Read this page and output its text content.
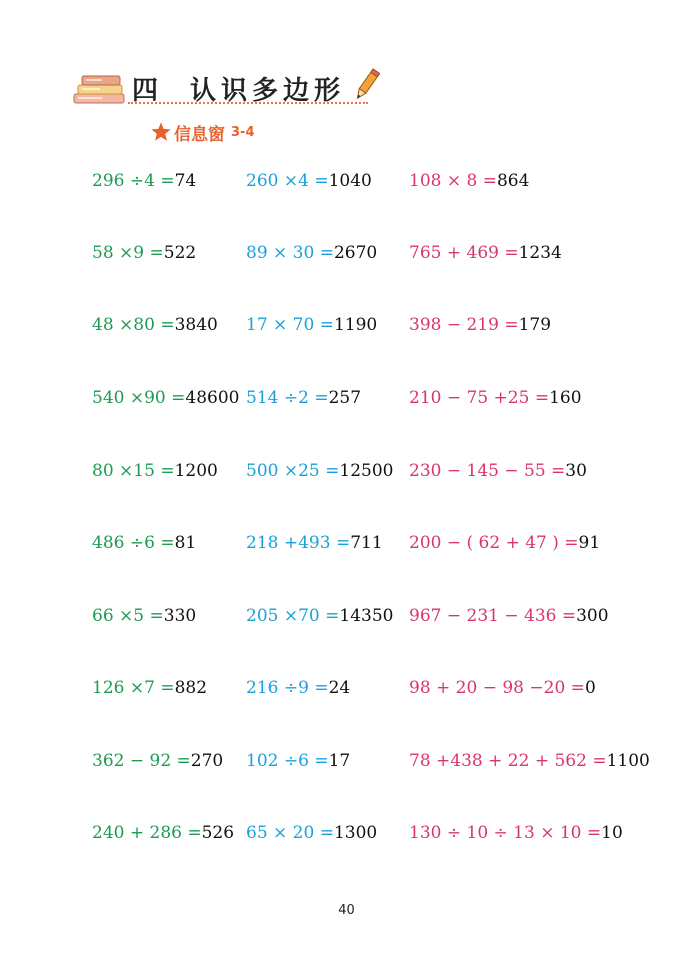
四 认识多边形
信息窗 3-4
296 ÷4 =74	260 ×4 =1040 108 × 8 =864
58 ×9 =522	89 × 30 =2670 765 + 469 =1234
48 ×80 =3840 17 × 70 =1190 398 − 219 =179
540 ×90 =48600 514 ÷2 =257	210 − 75 +25 =160
80 ×15 =1200 500 ×25 =12500 230 − 145 − 55 =30
486 ÷6 =81	218 +493 =711 200 − ( 62 + 47 ) =91
66 ×5 =330	205 ×70 =14350 967 − 231 − 436 =300
126 ×7 =882 216 ÷9 =24	98 + 20 − 98 −20 =0
362 − 92 =270 102 ÷6 =17	78 +438 + 22 + 562 =1100
240 + 286 =526 65 × 20 =1300 130 ÷ 10 ÷ 13 × 10 =10
40
